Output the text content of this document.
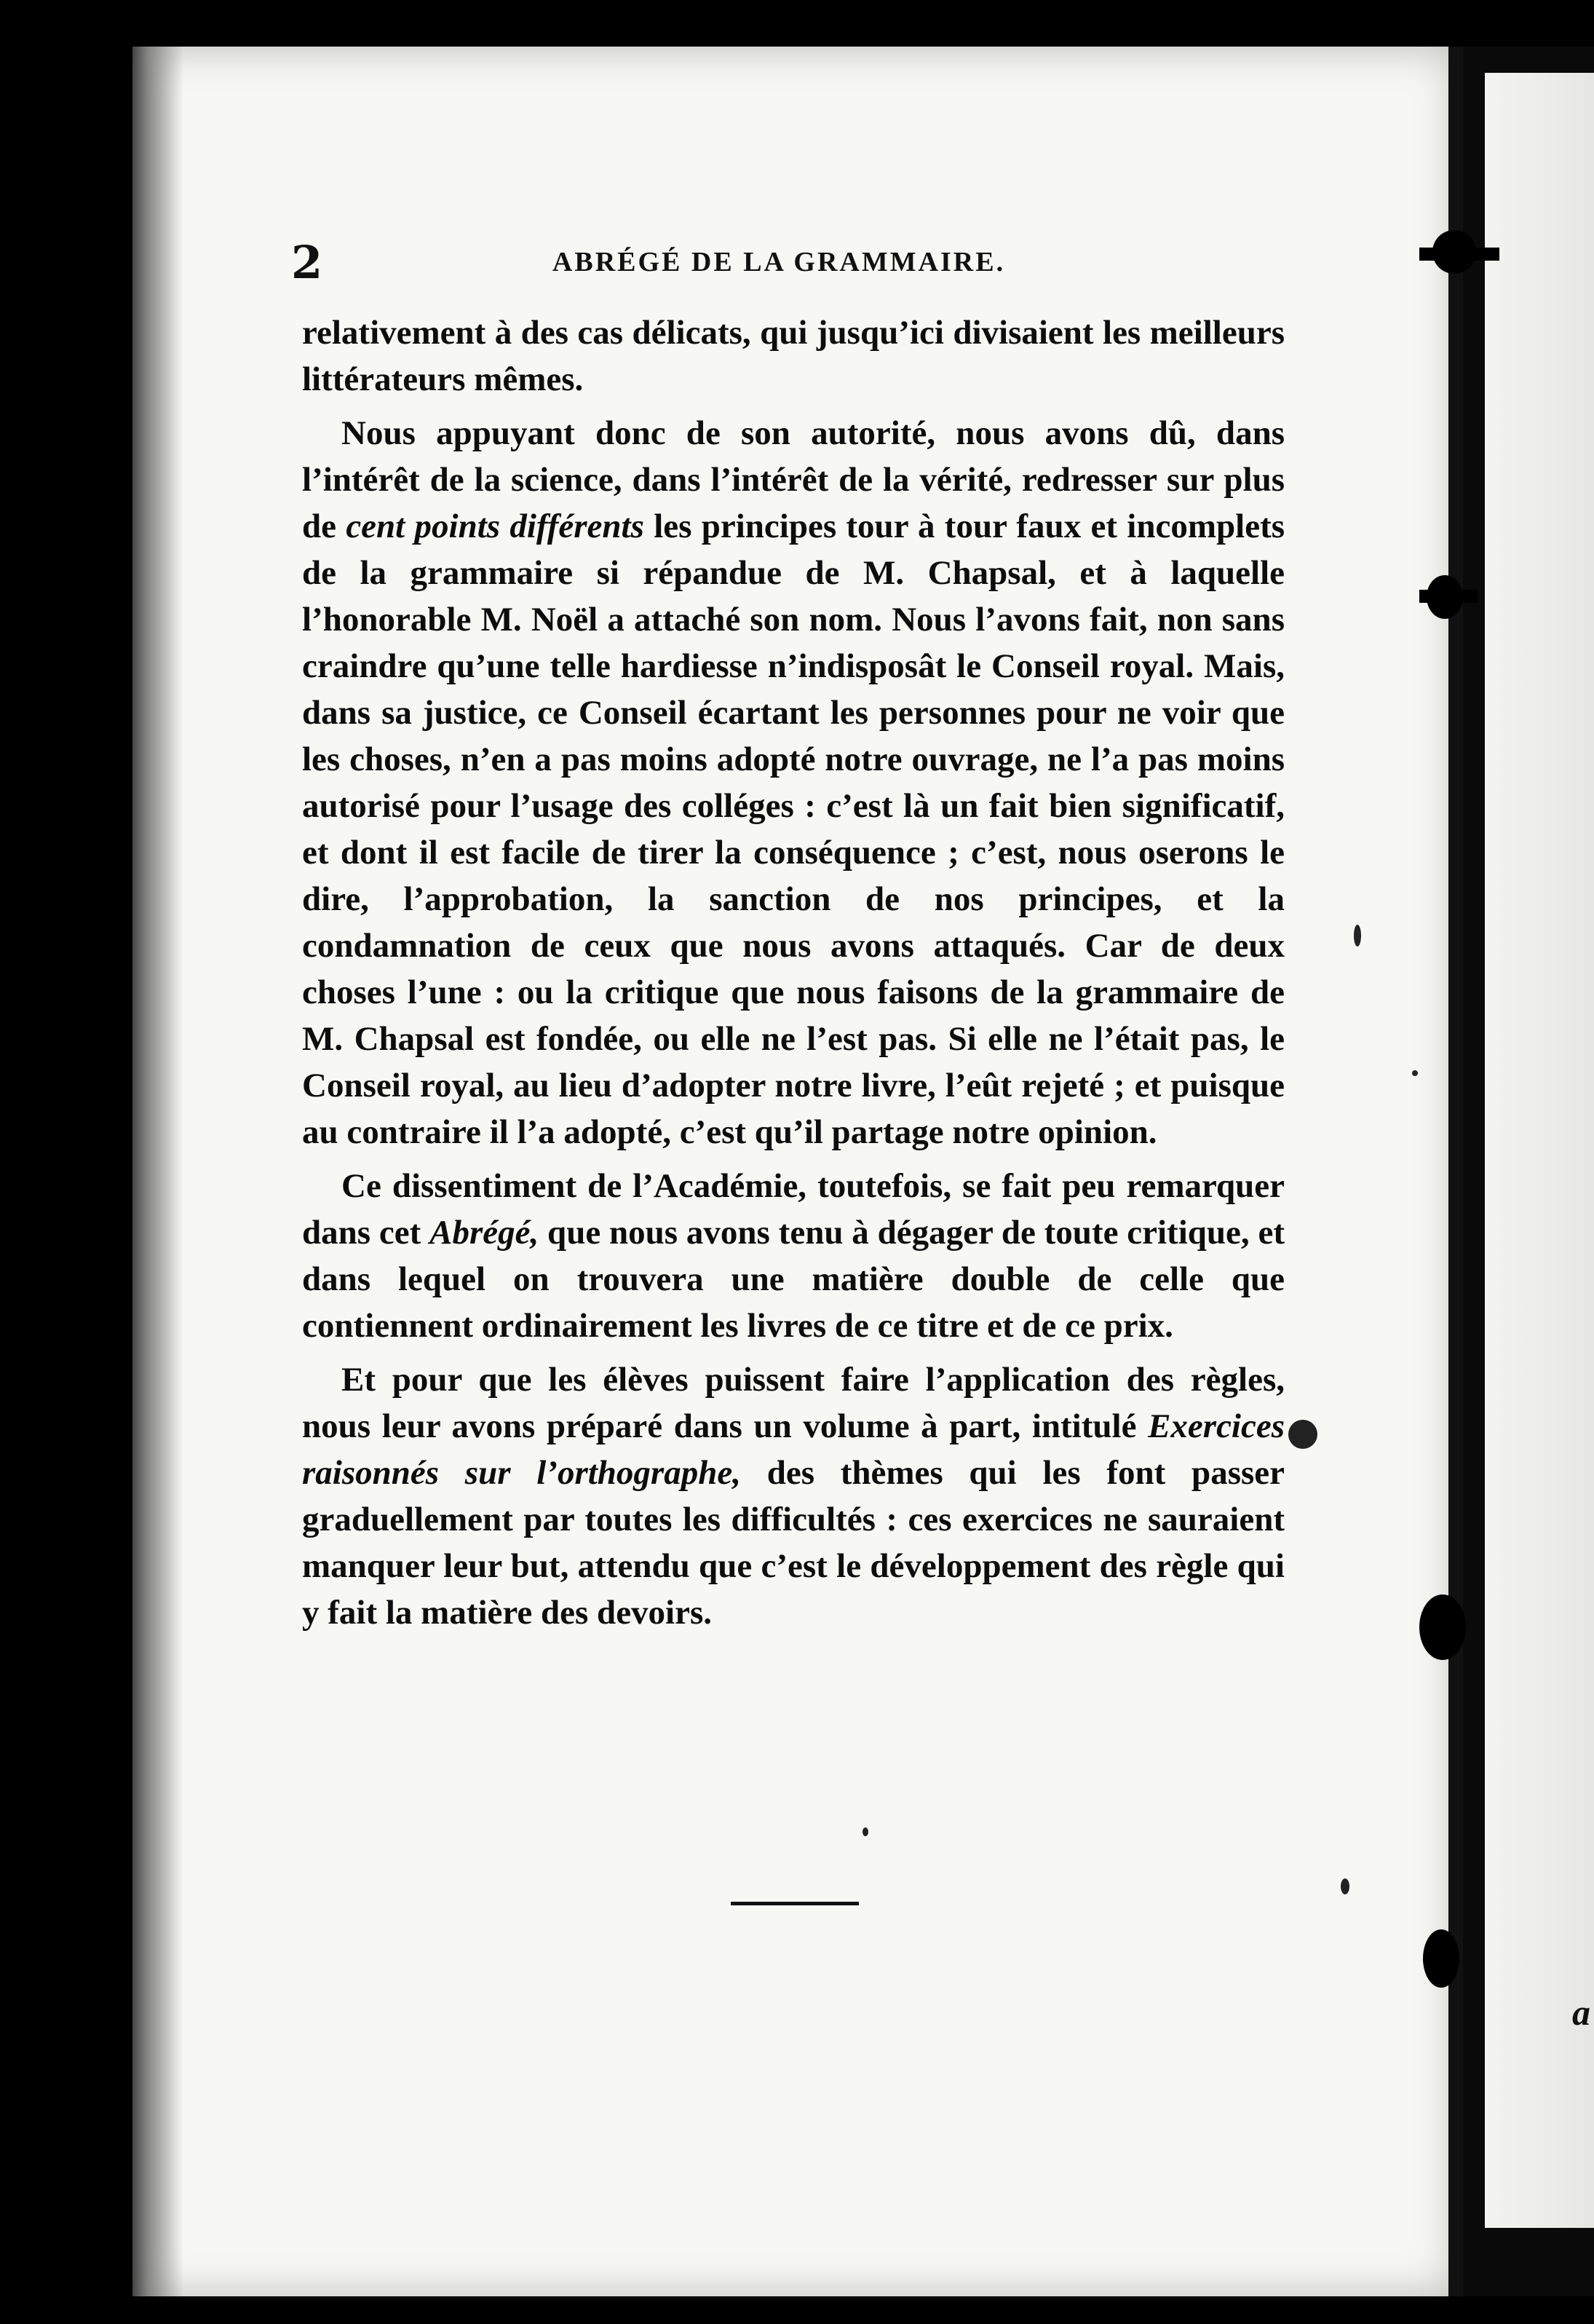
2	ABRÉGÉ DE LA GRAMMAIRE.

relativement à des cas délicats, qui jusqu’ici divisaient les meilleurs littérateurs mêmes.

Nous appuyant donc de son autorité, nous avons dû, dans l’intérêt de la science, dans l’intérêt de la vérité, redresser sur plus de cent points différents les principes tour à tour faux et incomplets de la grammaire si répandue de M. Chapsal, et à laquelle l’honorable M. Noël a attaché son nom. Nous l’avons fait, non sans craindre qu’une telle hardiesse n’indisposât le Conseil royal. Mais, dans sa justice, ce Conseil écartant les personnes pour ne voir que les choses, n’en a pas moins adopté notre ouvrage, ne l’a pas moins autorisé pour l’usage des colléges : c’est là un fait bien significatif, et dont il est facile de tirer la conséquence ; c’est, nous oserons le dire, l’approbation, la sanction de nos principes, et la condamnation de ceux que nous avons attaqués. Car de deux choses l’une : ou la critique que nous faisons de la grammaire de M. Chapsal est fondée, ou elle ne l’est pas. Si elle ne l’était pas, le Conseil royal, au lieu d’adopter notre livre, l’eût rejeté ; et puisque au contraire il l’a adopté, c’est qu’il partage notre opinion.

Ce dissentiment de l’Académie, toutefois, se fait peu remarquer dans cet Abrégé, que nous avons tenu à dégager de toute critique, et dans lequel on trouvera une matière double de celle que contiennent ordinairement les livres de ce titre et de ce prix.

Et pour que les élèves puissent faire l’application des règles, nous leur avons préparé dans un volume à part, intitulé Exercices raisonnés sur l’orthographe, des thèmes qui les font passer graduellement par toutes les difficultés : ces exercices ne sauraient manquer leur but, attendu que c’est le développement des règle qui y fait la matière des devoirs.

a
